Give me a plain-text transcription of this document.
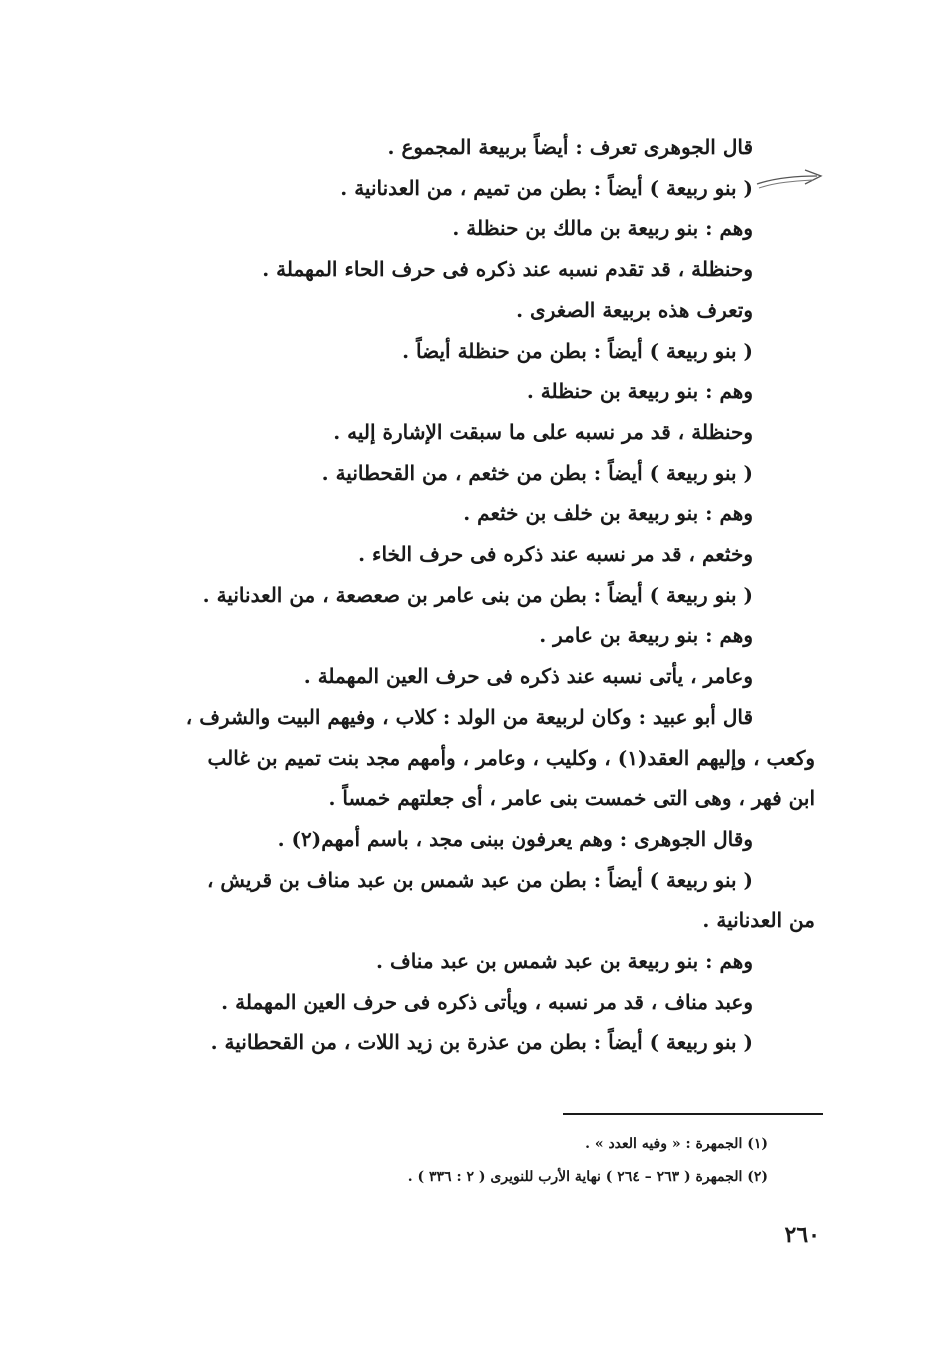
قال الجوهرى تعرف : أيضاً بربيعة المجموع .
( بنو ربيعة ) أيضاً : بطن من تميم ، من العدنانية .
وهم : بنو ربيعة بن مالك بن حنظلة .
وحنظلة ، قد تقدم نسبه عند ذكره فى حرف الحاء المهملة .
وتعرف هذه بربيعة الصغرى .
( بنو ربيعة ) أيضاً : بطن من حنظلة أيضاً .
وهم : بنو ربيعة بن حنظلة .
وحنظلة ، قد مر نسبه على ما سبقت الإشارة إليه .
( بنو ربيعة ) أيضاً : بطن من خثعم ، من القحطانية .
وهم : بنو ربيعة بن خلف بن خثعم .
وخثعم ، قد مر نسبه عند ذكره فى حرف الخاء .
( بنو ربيعة ) أيضاً : بطن من بنى عامر بن صعصعة ، من العدنانية .
وهم : بنو ربيعة بن عامر .
وعامر ، يأتى نسبه عند ذكره فى حرف العين المهملة .
قال أبو عبيد : وكان لربيعة من الولد : كلاب ، وفيهم البيت والشرف ،
وكعب ، وإليهم العقد(١) ، وكليب ، وعامر ، وأمهم مجد بنت تميم بن غالب
ابن فهر ، وهى التى خمست بنى عامر ، أى جعلتهم خمساً .
وقال الجوهرى : وهم يعرفون ببنى مجد ، باسم أمهم(٢) .
( بنو ربيعة ) أيضاً : بطن من عبد شمس بن عبد مناف بن قريش ،
من العدنانية .
وهم : بنو ربيعة بن عبد شمس بن عبد مناف .
وعبد مناف ، قد مر نسبه ، ويأتى ذكره فى حرف العين المهملة .
( بنو ربيعة ) أيضاً : بطن من عذرة بن زيد اللات ، من القحطانية .
(١) الجمهرة : « وفيه العدد » .
(٢) الجمهرة ( ٢٦٣ – ٢٦٤ ) نهاية الأرب للنويرى ( ٢ : ٣٣٦ ) .
٢٦٠
